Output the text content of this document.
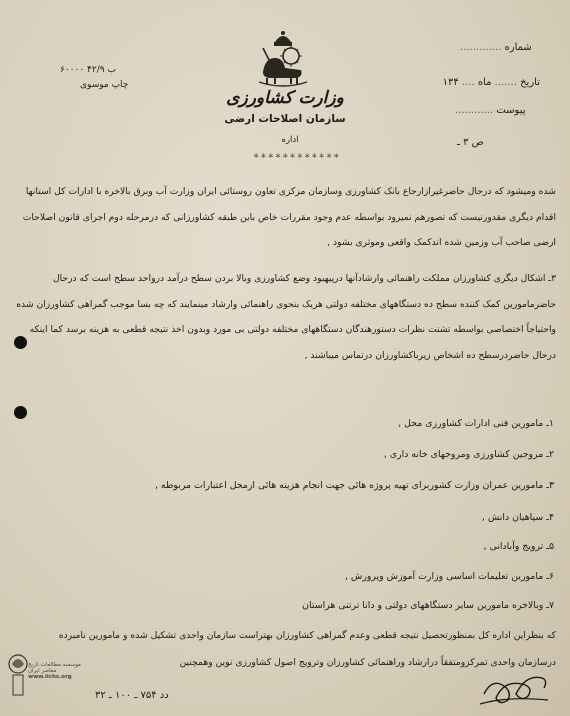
وزارت کشاورزی
سازمان اصلاحات ارضی
اداره
∗∗∗∗∗∗∗∗∗∗∗∗
۶۰۰۰۰ ب ۴۲/۹
چاپ موسوی
شماره .............
تاریخ ....... ماه .... ۱۳۴
پیوست ............
ص ۳ ـ
شده ومیشود که درحال حاضرغیرازارجاع بانک کشاورزی وسازمان مرکزی تعاون روستائی ایران وزارت آب وبرق بالاخره با ادارات کل استانها اقدام دیگری مقدورنیست که تصورهم نمیرود بواسطه عدم وجود مقررات خاص باین طبقه کشاورزانی که درمرحله دوم اجرای قانون اصلاحات ارضی صاحب آب وزمین شده اندکمک واقعی وموثری بشود ‚
۳ـ اشکال دیگری کشاورزان مملکت راهنمائی وارشادآنها درپیهبود وضع کشاورزی وبالا بردن سطح درآمد درواحد سطح است که درحال حاضرمامورین کمک کننده سطح ده دستگاههای مختلفه دولتی هریک بنحوی راهنمائی وارشاد مینمایند که چه بسا موجب گمراهی کشاورزان شده واحتیاجاً اختصاصی بواسطه تشتت نظرات دستورهندگان دستگاههای مختلفه دولتی بی مورد وبدون اخذ نتیجه قطعی به هزینه برسد کما اینکه درحال حاضردرسطح ده اشخاص زیرباکشاورزان درتماس میباشند ‚
۱ـ مامورین فنی ادارات کشاورزی محل ‚
۲ـ مروجین کشاورزی ومروجهای خانه داری ‚
۳ـ مامورین عمران وزارت کشوربرای تهیه پروژه هائی جهت انجام هزینه هائی ازمحل اعتبارات مربوطه ‚
۴ـ سپاهیان دانش ‚
۵ـ ترویج وآبادانی ‚
۶ـ مامورین تعلیمات اساسی وزارت آموزش وپرورش ‚
۷ـ وبالاخره مامورین سایر دستگاههای دولتی و دانا ترتنی هراستان
که بنظراین اداره کل بمنظورتحصیل نتیجه قطعی وعدم گمراهی کشاورزان بهتراست سازمان واحدی تشکیل شده و مامورین نامبرده درسازمان واحدی تمرکزومتفقاً درارشاد وراهنمائی کشاورزان وترویج اصول کشاورزی نوین وهمچنین
موسسه مطالعات تاریخ معاصر ایران
www.iichs.org
دد ۷۵۴ ـ ۱۰۰ ـ ۳۲
